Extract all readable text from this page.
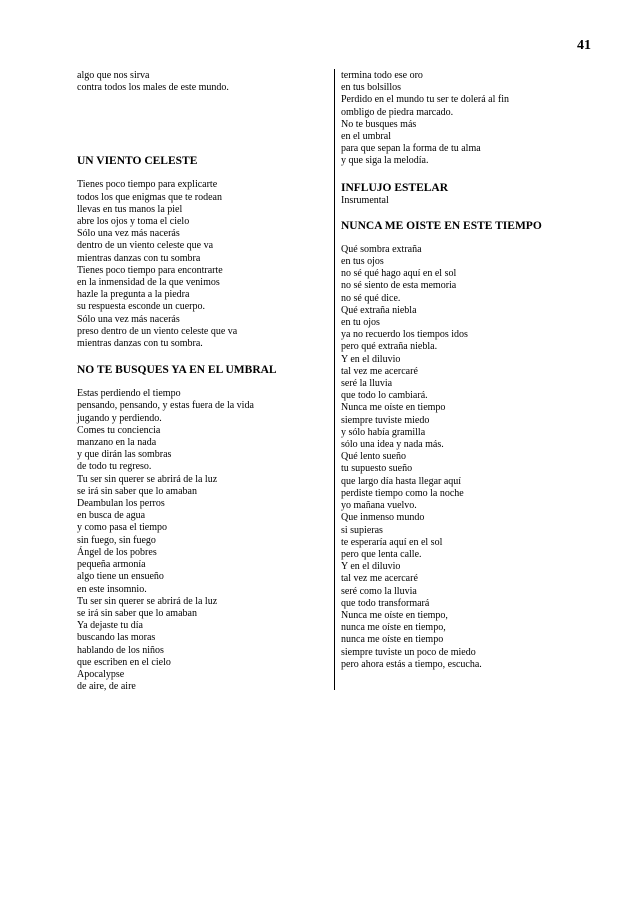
41
algo que nos sirva
contra todos los males de este mundo.
UN VIENTO CELESTE
Tienes poco tiempo para explicarte
todos los que enigmas que te rodean
llevas en tus manos la piel
abre los ojos y toma el cielo
Sólo una vez más nacerás
dentro de un viento celeste que va
mientras danzas con tu sombra
Tienes poco tiempo para encontrarte
en la inmensidad de la que venimos
hazle la pregunta a la piedra
su respuesta esconde un cuerpo.
Sólo una vez más nacerás
preso dentro de un viento celeste que va
mientras danzas con tu sombra.
NO TE BUSQUES YA EN EL UMBRAL
Estas perdiendo el tiempo
pensando, pensando, y estas fuera de la vida
jugando y perdiendo.
Comes tu conciencia
manzano en la nada
y que dirán las sombras
de todo tu regreso.
Tu ser sin querer se abrirá de la luz
se irá sin saber que lo amaban
Deambulan los perros
en busca de agua
y como pasa el tiempo
sin fuego, sin fuego
Ángel de los pobres
pequeña armonía
algo tiene un ensueño
en este insomnio.
Tu ser sin querer se abrirá de la luz
se irá sin saber que lo amaban
Ya dejaste tu día
buscando las moras
hablando de los niños
que escriben en el cielo
Apocalypse
de aire, de aire
termina todo ese oro
en tus bolsillos
Perdido en el mundo tu ser te dolerá al fin
ombligo de piedra marcado.
No te busques más
en el umbral
para que sepan la forma de tu alma
y que siga la melodía.
INFLUJO ESTELAR
Insrumental
NUNCA ME OISTE EN ESTE TIEMPO
Qué sombra extraña
en tus ojos
no sé qué hago aquí en el sol
no sé siento de esta memoria
no sé qué dice.
Qué extraña niebla
en tu ojos
ya no recuerdo los tiempos idos
pero qué extraña niebla.
Y en el diluvio
tal vez me acercaré
seré la lluvia
que todo lo cambiará.
Nunca me oíste en tiempo
siempre tuviste miedo
y sólo había gramilla
sólo una idea y nada más.
Qué lento sueño
tu supuesto sueño
que largo día hasta llegar aquí
perdiste tiempo como la noche
yo mañana vuelvo.
Que inmenso mundo
si supieras
te esperaría aquí en el sol
pero que lenta calle.
Y en el diluvio
tal vez me acercaré
seré como la lluvia
que todo transformará
Nunca me oíste en tiempo,
nunca me oíste en tiempo,
nunca me oíste en tiempo
siempre tuviste un poco de miedo
pero ahora estás a tiempo, escucha.
